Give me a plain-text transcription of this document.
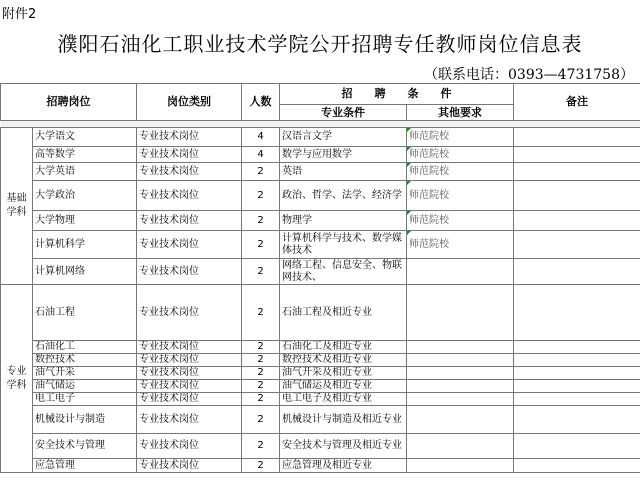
附件2
濮阳石油化工职业技术学院公开招聘专任教师岗位信息表
（联系电话：0393—4731758）
招聘岗位		岗位类别	人数	招　　聘　　条　　件		备注
				专业条件	其他要求	

基础学科	大学语文	专业技术岗位	4	汉语言文学	师范院校	
	高等数学	专业技术岗位	4	数学与应用数学	师范院校	
	大学英语	专业技术岗位	2	英语	师范院校	
	大学政治	专业技术岗位	2	政治、哲学、法学、经济学	师范院校	
	大学物理	专业技术岗位	2	物理学	师范院校	
	计算机科学	专业技术岗位	2	计算机科学与技术、数学媒体技术	师范院校	
	计算机网络	专业技术岗位	2	网络工程、信息安全、物联网技术、		
专业学科	石油工程	专业技术岗位	2	石油工程及相近专业		
	石油化工	专业技术岗位	2	石油化工及相近专业		
	数控技术	专业技术岗位	2	数控技术及相近专业		
	油气开采	专业技术岗位	2	油气开采及相近专业		
	油气储运	专业技术岗位	2	油气储运及相近专业		
	电工电子	专业技术岗位	2	电工电子及相近专业		
	机械设计与制造	专业技术岗位	2	机械设计与制造及相近专业		
	安全技术与管理	专业技术岗位	2	安全技术与管理及相近专业		
	应急管理	专业技术岗位	2	应急管理及相近专业		
